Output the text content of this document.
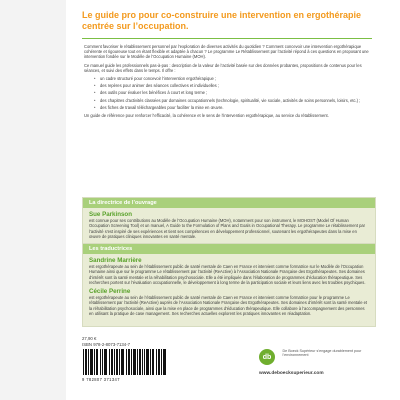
Le guide pro pour co-construire une intervention en ergothérapie
centrée sur l’occupation.

Comment favoriser le rétablissement personnel par l’exploration de diverses activités du quotidien ? Comment concevoir une intervention ergothérapique cohérente et rigoureuse tout en étant flexible et adaptée à chacun ? Le programme Le Rétablissement par l’activité répond à ces questions en proposant une intervention fondée sur le Modèle de l’Occupation Humaine (MOH).

Ce manuel guide les professionnels pas-à-pas : description de la valeur de l’activité basée sur des données probantes, propositions de contenus pour les séances, et suivi des effets dans le temps. Il offre :

• un cadre structuré pour concevoir l’intervention ergothérapique ;
• des repères pour animer des séances collectives et individuelles ;
• des outils pour évaluer les bénéfices à court et long terme ;
• des chapitres d’activités classées par domaines occupationnels (technologie, spiritualité, vie sociale, activités de soins personnels, loisirs, etc.) ;
• des fiches de travail téléchargeables pour faciliter la mise en œuvre.

Un guide de référence pour renforcer l’efficacité, la cohérence et le sens de l’intervention ergothérapique, au service du rétablissement.

La directrice de l’ouvrage
Sue Parkinson
est connue pour ses contributions au Modèle de l’Occupation Humaine (MOH), notamment pour son instrument, le MOHOST (Model Of Human Occupation Screening Tool) et un manuel, A Guide to the Formulation of Plans and Goals in Occupational Therapy. Le programme Le rétablissement par l’activité s’est inspiré de ses expériences et tient ses compétences en développement professionnel, soutenant les ergothérapeutes dans la mise en œuvre de pratiques cliniques innovantes en santé mentale.
Les traductrices
Sandrine Marrière
est ergothérapeute au sein de l’établissement public de santé mentale de Caen en France et intervient comme formatrice sur le Modèle de l’Occupation Humaine ainsi que sur le programme Le rétablissement par l’activité (ReActive) à l’Association Nationale Française des Ergothérapeutes. Ses domaines d’intérêt sont la santé mentale et la réhabilitation psychosociale. Elle a été impliquée dans l’élaboration de programmes d’éducation thérapeutique. Ses recherches portent sur l’évaluation occupationnelle, le développement à long terme de la participation sociale et leurs liens avec les troubles psychiques.
Cécile Perrine
est ergothérapeute au sein de l’établissement public de santé mentale de Caen en France et intervient comme formatrice pour le programme Le rétablissement par l’activité (ReActive) auprès de l’Association Nationale Française des Ergothérapeutes. Ses domaines d’intérêt sont la santé mentale et la réhabilitation psychosociale, ainsi que la mise en place de programmes d’éducation thérapeutique. Elle collabore à l’accompagnement des personnes en utilisant la pratique de case management. Ses recherches actuelles explorent les pratiques innovantes en réadaptation.
27,90 €
ISBN 978-2-8073-7134-7
9 782807 371347
db De Boeck Supérieur s’engage durablement pour l’environnement
www.deboecksuperieur.com
